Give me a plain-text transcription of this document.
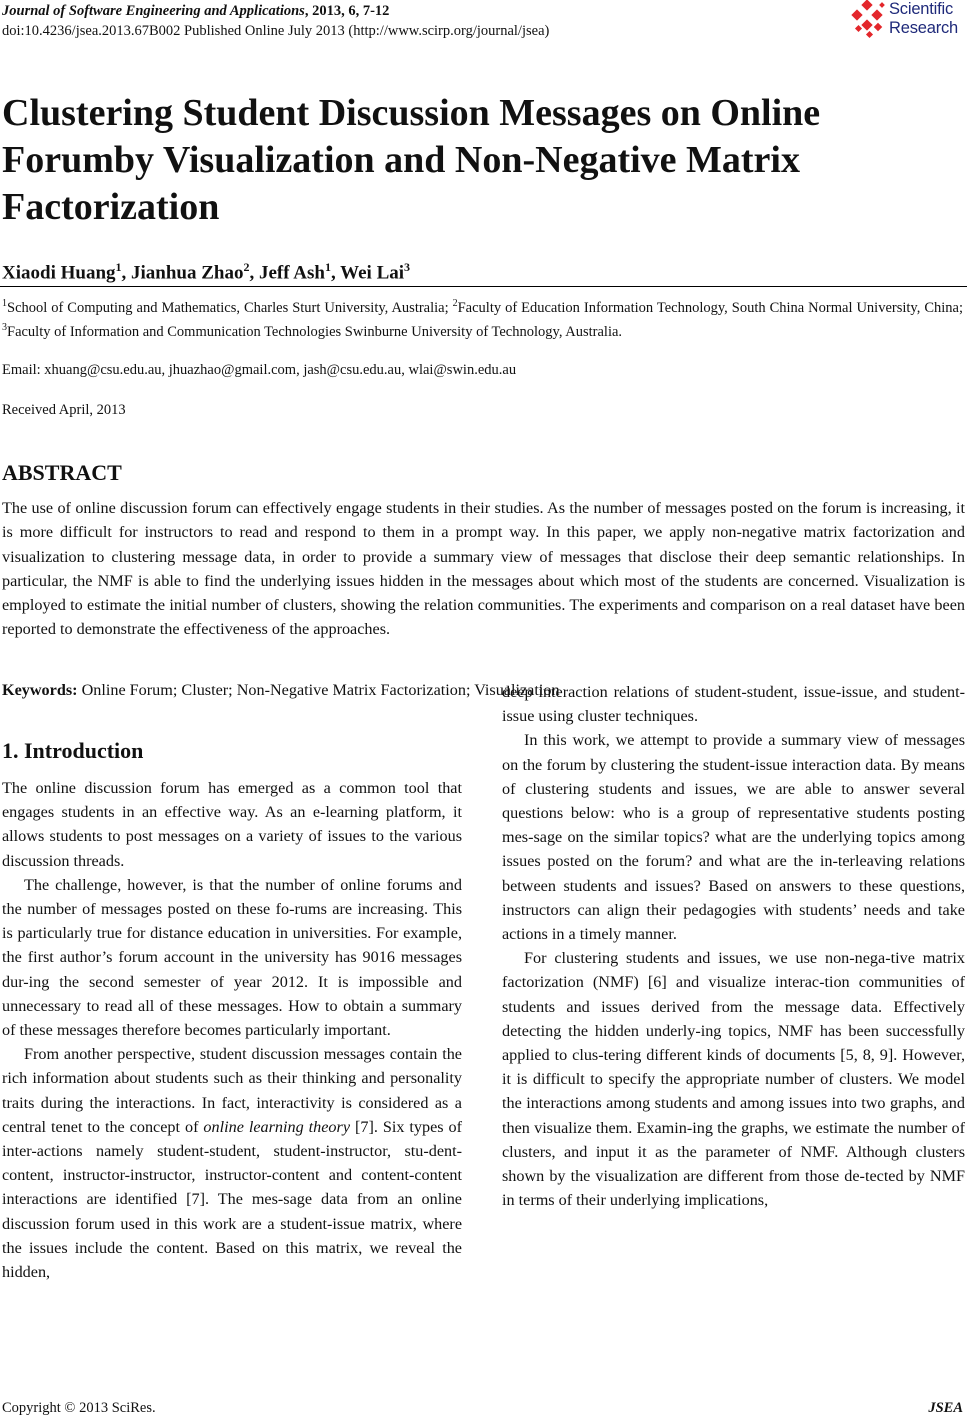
Journal of Software Engineering and Applications, 2013, 6, 7-12
doi:10.4236/jsea.2013.67B002 Published Online July 2013 (http://www.scirp.org/journal/jsea)
Scientific
Research
Clustering Student Discussion Messages on Online Forumby Visualization and Non-Negative Matrix Factorization
Xiaodi Huang$^1$, Jianhua Zhao$^2$, Jeff Ash$^1$, Wei Lai$^3$
$^1$School of Computing and Mathematics, Charles Sturt University, Australia; $^2$Faculty of Education Information Technology, South China Normal University, China; $^3$Faculty of Information and Communication Technologies Swinburne University of Technology, Australia.
Email: xhuang@csu.edu.au, jhuazhao@gmail.com, jash@csu.edu.au, wlai@swin.edu.au
Received April, 2013
ABSTRACT

The use of online discussion forum can effectively engage students in their studies. As the number of messages posted on the forum is increasing, it is more difficult for instructors to read and respond to them in a prompt way. In this paper, we apply non-negative matrix factorization and visualization to clustering message data, in order to provide a summary view of messages that disclose their deep semantic relationships. In particular, the NMF is able to find the underlying issues hidden in the messages about which most of the students are concerned. Visualization is employed to estimate the initial number of clusters, showing the relation communities. The experiments and comparison on a real dataset have been reported to demonstrate the effectiveness of the approaches.

Keywords: Online Forum; Cluster; Non-Negative Matrix Factorization; Visualization
1. Introduction

The online discussion forum has emerged as a common tool that engages students in an effective way. As an e-learning platform, it allows students to post messages on a variety of issues to the various discussion threads.

The challenge, however, is that the number of online forums and the number of messages posted on these fo-rums are increasing. This is particularly true for distance education in universities. For example, the first author’s forum account in the university has 9016 messages dur-ing the second semester of year 2012. It is impossible and unnecessary to read all of these messages. How to obtain a summary of these messages therefore becomes particularly important.

From another perspective, student discussion messages contain the rich information about students such as their thinking and personality traits during the interactions. In fact, interactivity is considered as a central tenet to the concept of online learning theory [7]. Six types of inter-actions namely student-student, student-instructor, stu-dent-content, instructor-instructor, instructor-content and content-content interactions are identified [7]. The mes-sage data from an online discussion forum used in this work are a student-issue matrix, where the issues include the content. Based on this matrix, we reveal the hidden,

deep interaction relations of student-student, issue-issue, and student-issue using cluster techniques.

In this work, we attempt to provide a summary view of messages on the forum by clustering the student-issue interaction data. By means of clustering students and issues, we are able to answer several questions below: who is a group of representative students posting mes-sage on the similar topics? what are the underlying topics among issues posted on the forum? and what are the in-terleaving relations between students and issues? Based on answers to these questions, instructors can align their pedagogies with students’ needs and take actions in a timely manner.

For clustering students and issues, we use non-nega-tive matrix factorization (NMF) [6] and visualize interac-tion communities of students and issues derived from the message data. Effectively detecting the hidden underly-ing topics, NMF has been successfully applied to clus-tering different kinds of documents [5, 8, 9]. However, it is difficult to specify the appropriate number of clusters. We model the interactions among students and among issues into two graphs, and then visualize them. Examin-ing the graphs, we estimate the number of clusters, and input it as the parameter of NMF. Although clusters shown by the visualization are different from those de-tected by NMF in terms of their underlying implications,

Copyright © 2013 SciRes.	JSEA
